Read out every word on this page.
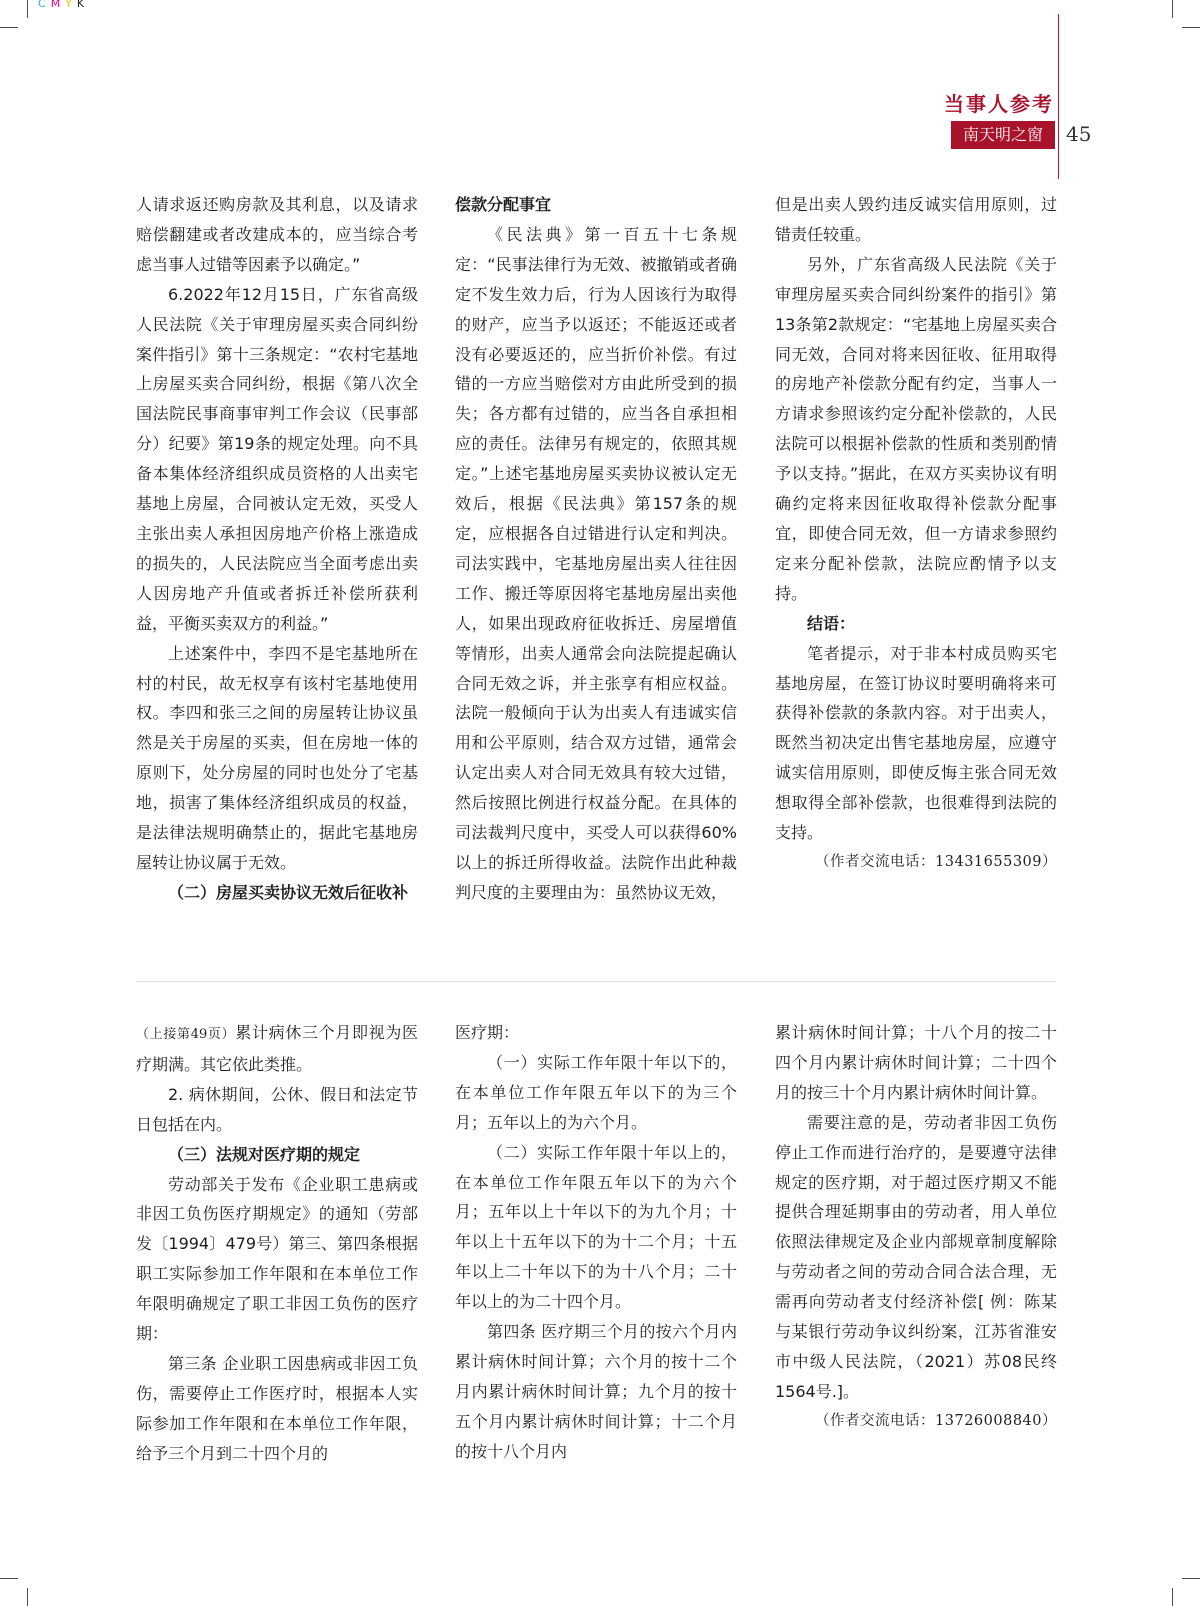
CMYK
当事人参考
南天明之窗	45

人请求返还购房款及其利息，以及请求赔偿翻建或者改建成本的，应当综合考虑当事人过错等因素予以确定。”

6.2022年12月15日，广东省高级人民法院《关于审理房屋买卖合同纠纷案件指引》第十三条规定：“农村宅基地上房屋买卖合同纠纷，根据《第八次全国法院民事商事审判工作会议（民事部分）纪要》第19条的规定处理。向不具备本集体经济组织成员资格的人出卖宅基地上房屋，合同被认定无效，买受人主张出卖人承担因房地产价格上涨造成的损失的，人民法院应当全面考虑出卖人因房地产升值或者拆迁补偿所获利益，平衡买卖双方的利益。”

上述案件中，李四不是宅基地所在村的村民，故无权享有该村宅基地使用权。李四和张三之间的房屋转让协议虽然是关于房屋的买卖，但在房地一体的原则下，处分房屋的同时也处分了宅基地，损害了集体经济组织成员的权益，是法律法规明确禁止的，据此宅基地房屋转让协议属于无效。

（二）房屋买卖协议无效后征收补

偿款分配事宜

《民法典》第一百五十七条规定：“民事法律行为无效、被撤销或者确定不发生效力后，行为人因该行为取得的财产，应当予以返还；不能返还或者没有必要返还的，应当折价补偿。有过错的一方应当赔偿对方由此所受到的损失；各方都有过错的，应当各自承担相应的责任。法律另有规定的，依照其规定。”上述宅基地房屋买卖协议被认定无效后，根据《民法典》第157条的规定，应根据各自过错进行认定和判决。司法实践中，宅基地房屋出卖人往往因工作、搬迁等原因将宅基地房屋出卖他人，如果出现政府征收拆迁、房屋增值等情形，出卖人通常会向法院提起确认合同无效之诉，并主张享有相应权益。法院一般倾向于认为出卖人有违诚实信用和公平原则，结合双方过错，通常会认定出卖人对合同无效具有较大过错，然后按照比例进行权益分配。在具体的司法裁判尺度中，买受人可以获得60%以上的拆迁所得收益。法院作出此种裁判尺度的主要理由为：虽然协议无效，

但是出卖人毁约违反诚实信用原则，过错责任较重。

另外，广东省高级人民法院《关于审理房屋买卖合同纠纷案件的指引》第13条第2款规定：“宅基地上房屋买卖合同无效，合同对将来因征收、征用取得的房地产补偿款分配有约定，当事人一方请求参照该约定分配补偿款的，人民法院可以根据补偿款的性质和类别酌情予以支持。”据此，在双方买卖协议有明确约定将来因征收取得补偿款分配事宜，即使合同无效，但一方请求参照约定来分配补偿款，法院应酌情予以支持。

结语：

笔者提示，对于非本村成员购买宅基地房屋，在签订协议时要明确将来可获得补偿款的条款内容。对于出卖人，既然当初决定出售宅基地房屋，应遵守诚实信用原则，即使反悔主张合同无效想取得全部补偿款，也很难得到法院的支持。

（作者交流电话：13431655309）

（上接第49页）累计病休三个月即视为医疗期满。其它依此类推。

2. 病休期间，公休、假日和法定节日包括在内。

（三）法规对医疗期的规定

劳动部关于发布《企业职工患病或非因工负伤医疗期规定》的通知（劳部发〔1994〕479号）第三、第四条根据职工实际参加工作年限和在本单位工作年限明确规定了职工非因工负伤的医疗期：

第三条 企业职工因患病或非因工负伤，需要停止工作医疗时，根据本人实际参加工作年限和在本单位工作年限，给予三个月到二十四个月的

医疗期：

（一）实际工作年限十年以下的，在本单位工作年限五年以下的为三个月；五年以上的为六个月。

（二）实际工作年限十年以上的，在本单位工作年限五年以下的为六个月；五年以上十年以下的为九个月；十年以上十五年以下的为十二个月；十五年以上二十年以下的为十八个月；二十年以上的为二十四个月。

第四条 医疗期三个月的按六个月内累计病休时间计算；六个月的按十二个月内累计病休时间计算；九个月的按十五个月内累计病休时间计算；十二个月的按十八个月内

累计病休时间计算；十八个月的按二十四个月内累计病休时间计算；二十四个月的按三十个月内累计病休时间计算。

需要注意的是，劳动者非因工负伤停止工作而进行治疗的，是要遵守法律规定的医疗期，对于超过医疗期又不能提供合理延期事由的劳动者，用人单位依照法律规定及企业内部规章制度解除与劳动者之间的劳动合同合法合理，无需再向劳动者支付经济补偿[ 例：陈某与某银行劳动争议纠纷案，江苏省淮安市中级人民法院，（2021）苏08民终1564号.]。

（作者交流电话：13726008840）
